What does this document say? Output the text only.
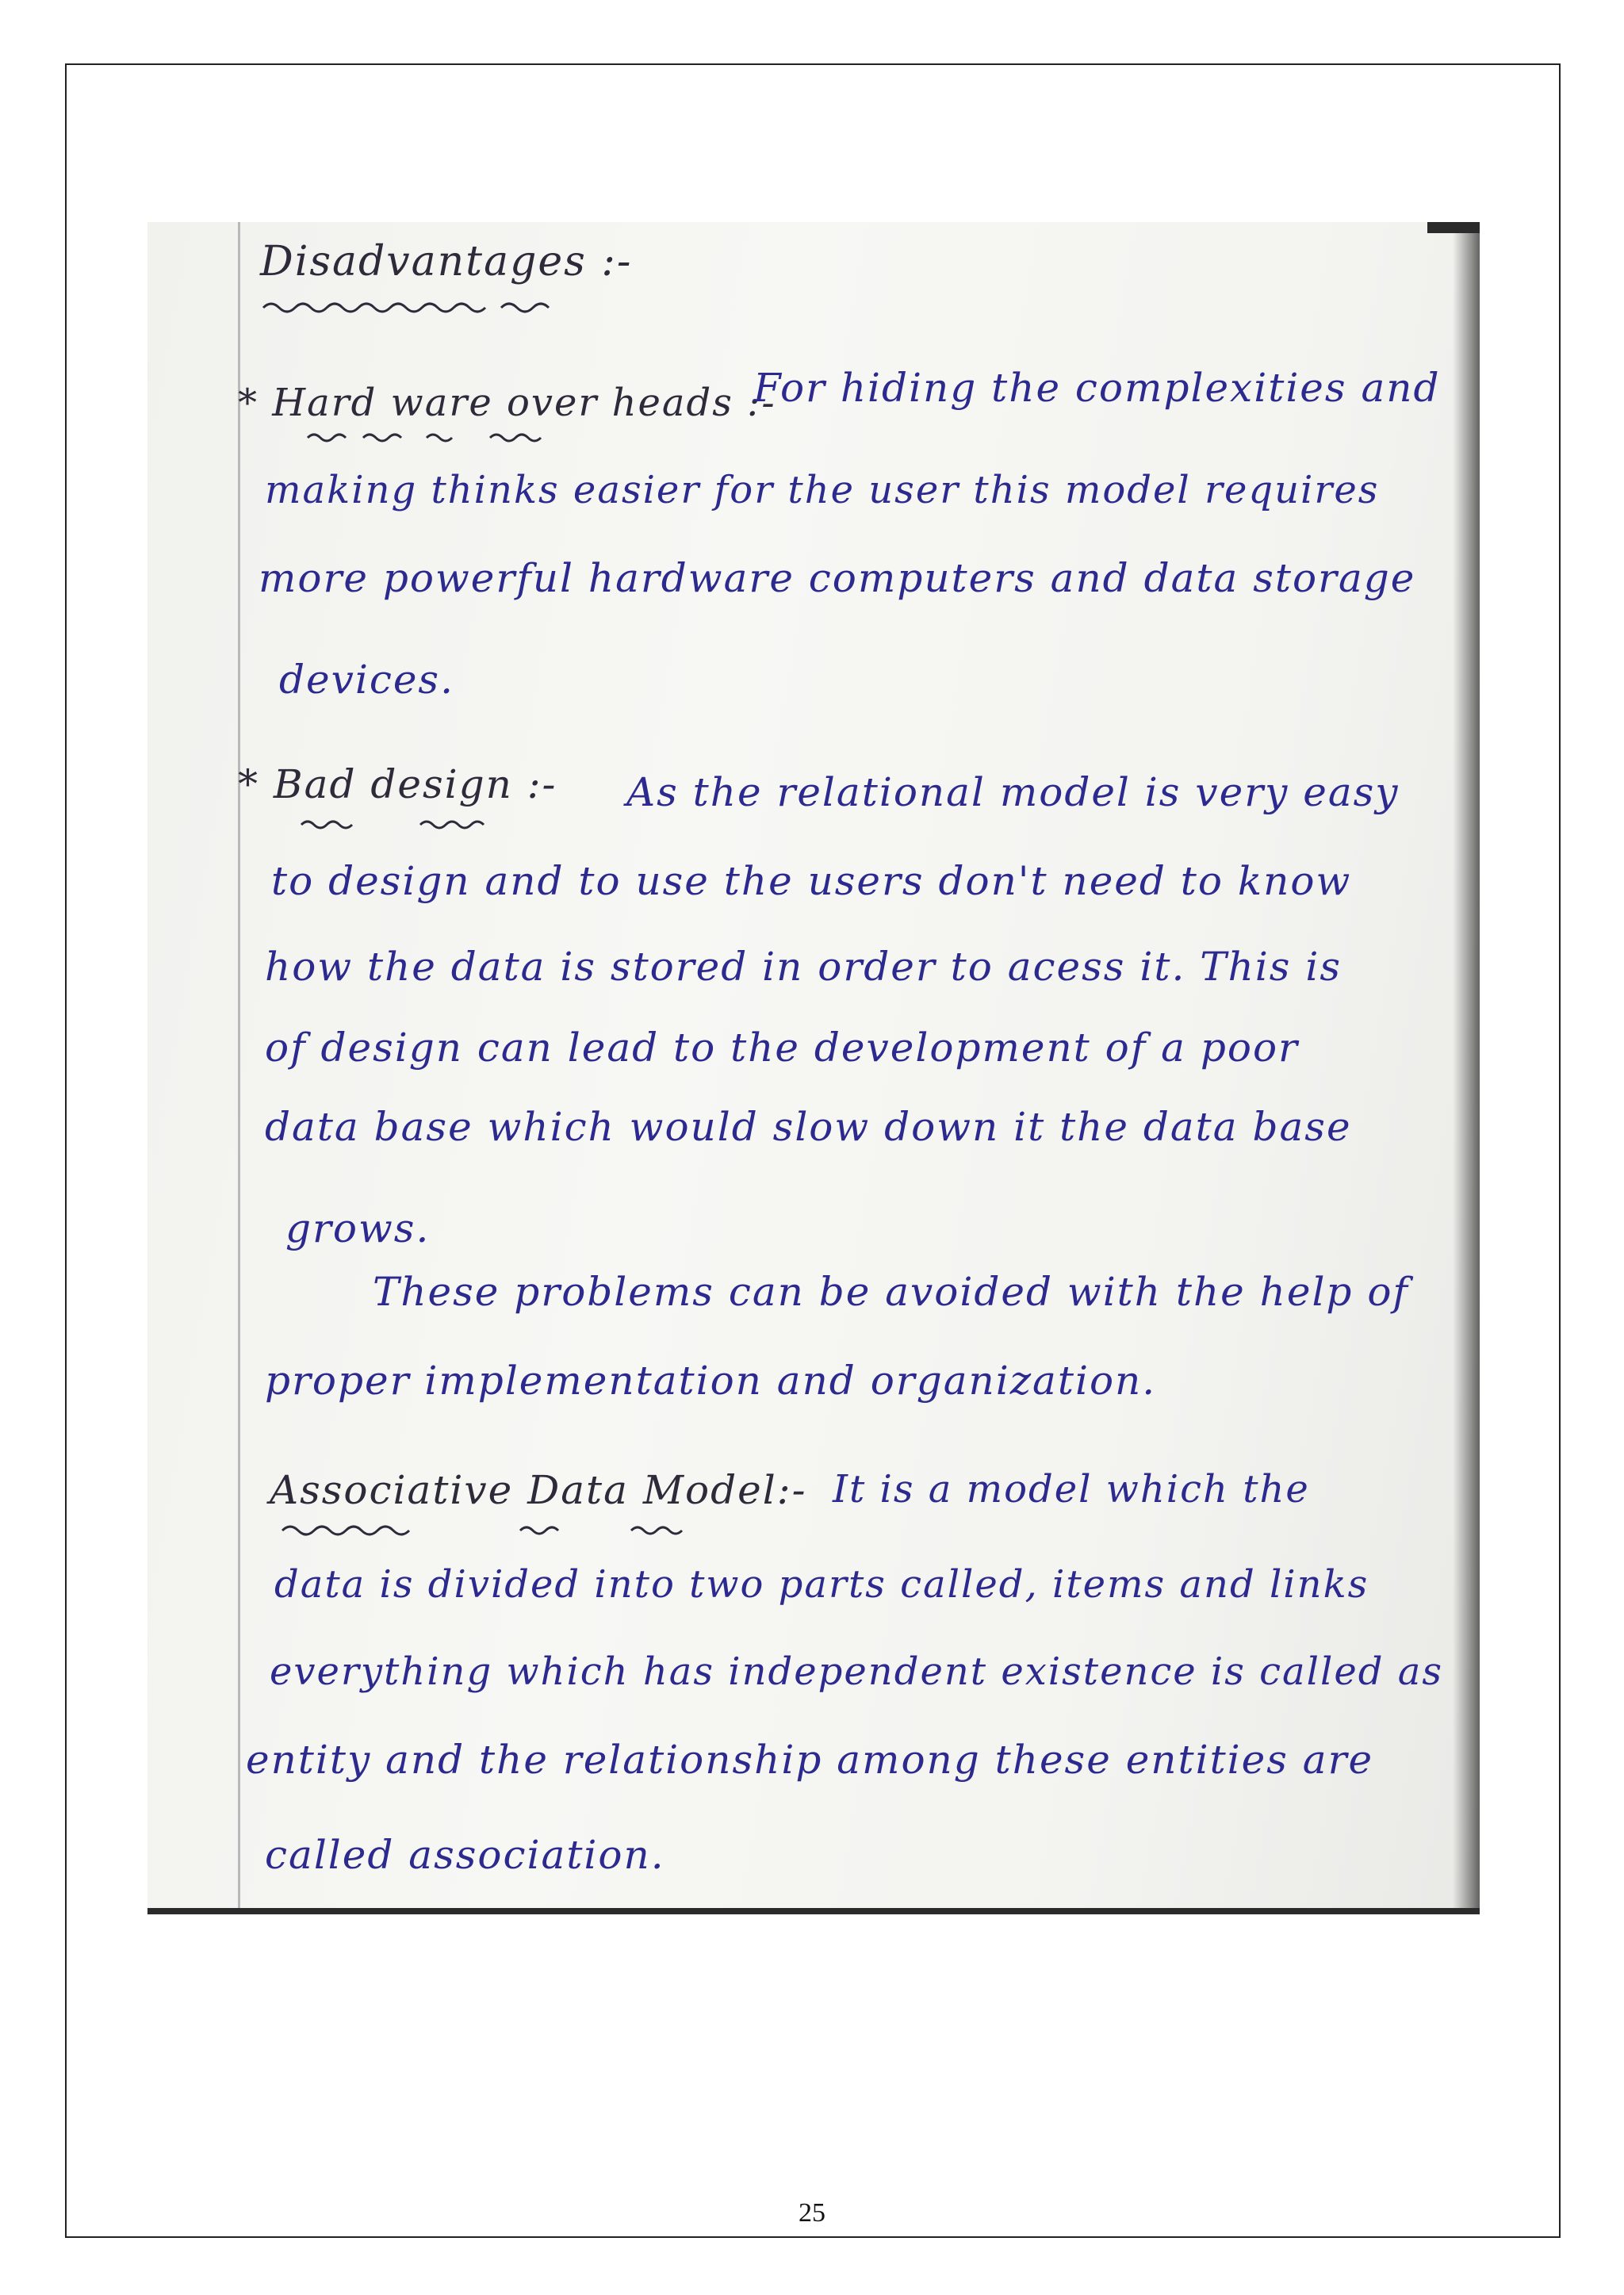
Disadvantages :-
* Hard ware over heads :-
For hiding the complexities and
making thinks easier for the user this model requires
more powerful hardware computers and data storage
devices.
* Bad design :- As the relational model is very easy
to design and to use the users don't need to know
how the data is stored in order to acess it. This is
of design can lead to the development of a poor
data base which would slow down it the data base
grows.
These problems can be avoided with the help of
proper implementation and organization.
Associative Data Model:- It is a model which the
data is divided into two parts called, items and links
everything which has independent existence is called as
entity and the relationship among these entities are
called association.
25
